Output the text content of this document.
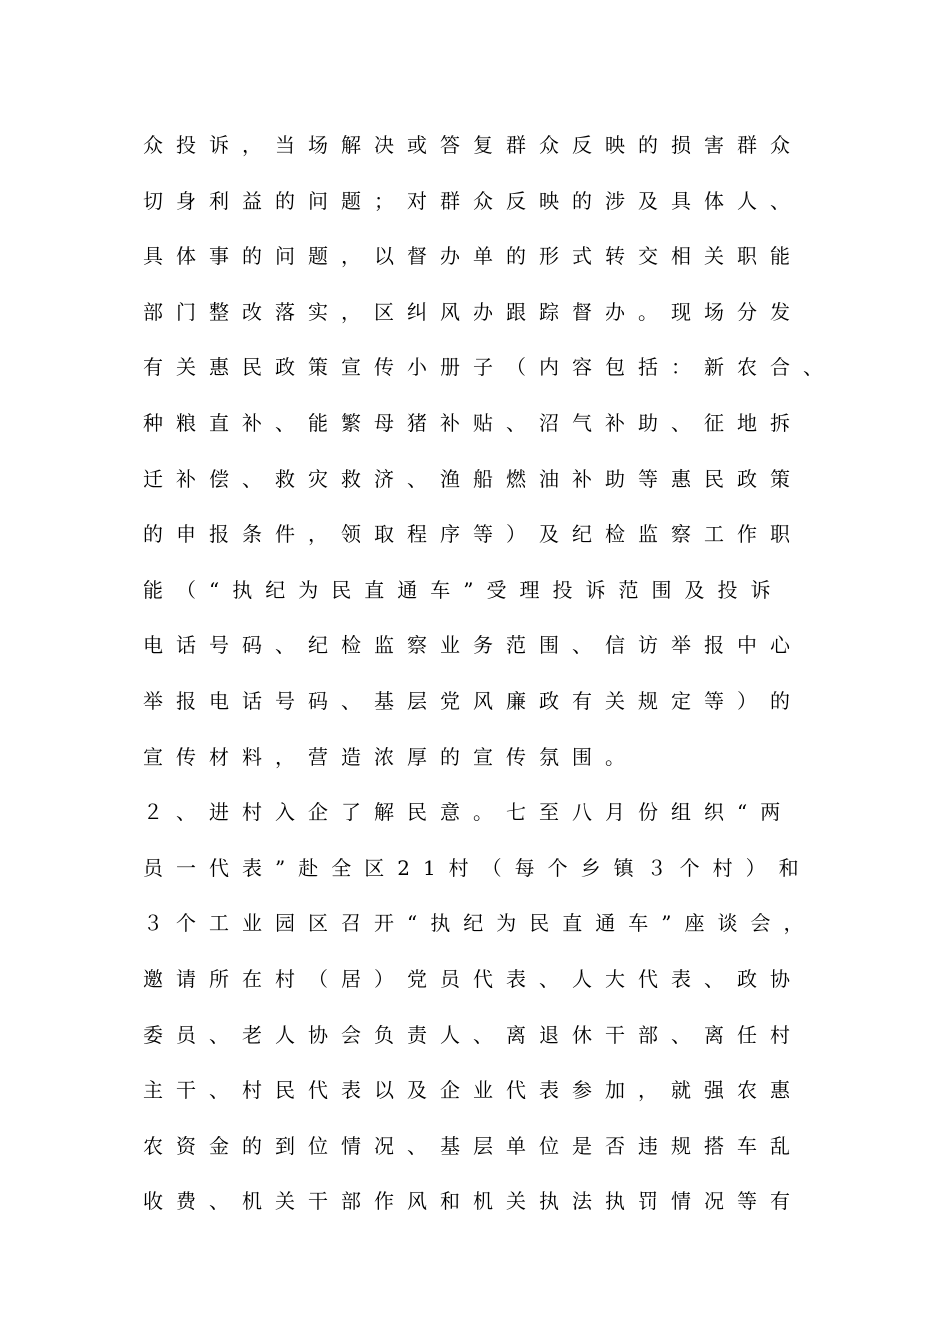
众投诉，当场解决或答复群众反映的损害群众
切身利益的问题；对群众反映的涉及具体人、
具体事的问题，以督办单的形式转交相关职能
部门整改落实，区纠风办跟踪督办。现场分发
有关惠民政策宣传小册子（内容包括：新农合、
种粮直补、能繁母猪补贴、沼气补助、征地拆
迁补偿、救灾救济、渔船燃油补助等惠民政策
的申报条件，领取程序等）及纪检监察工作职
能（“执纪为民直通车”受理投诉范围及投诉
电话号码、纪检监察业务范围、信访举报中心
举报电话号码、基层党风廉政有关规定等）的
宣传材料，营造浓厚的宣传氛围。
２、进村入企了解民意。七至八月份组织“两
员一代表”赴全区21村（每个乡镇３个村）和
３个工业园区召开“执纪为民直通车”座谈会，
邀请所在村（居）党员代表、人大代表、政协
委员、老人协会负责人、离退休干部、离任村
主干、村民代表以及企业代表参加，就强农惠
农资金的到位情况、基层单位是否违规搭车乱
收费、机关干部作风和机关执法执罚情况等有
